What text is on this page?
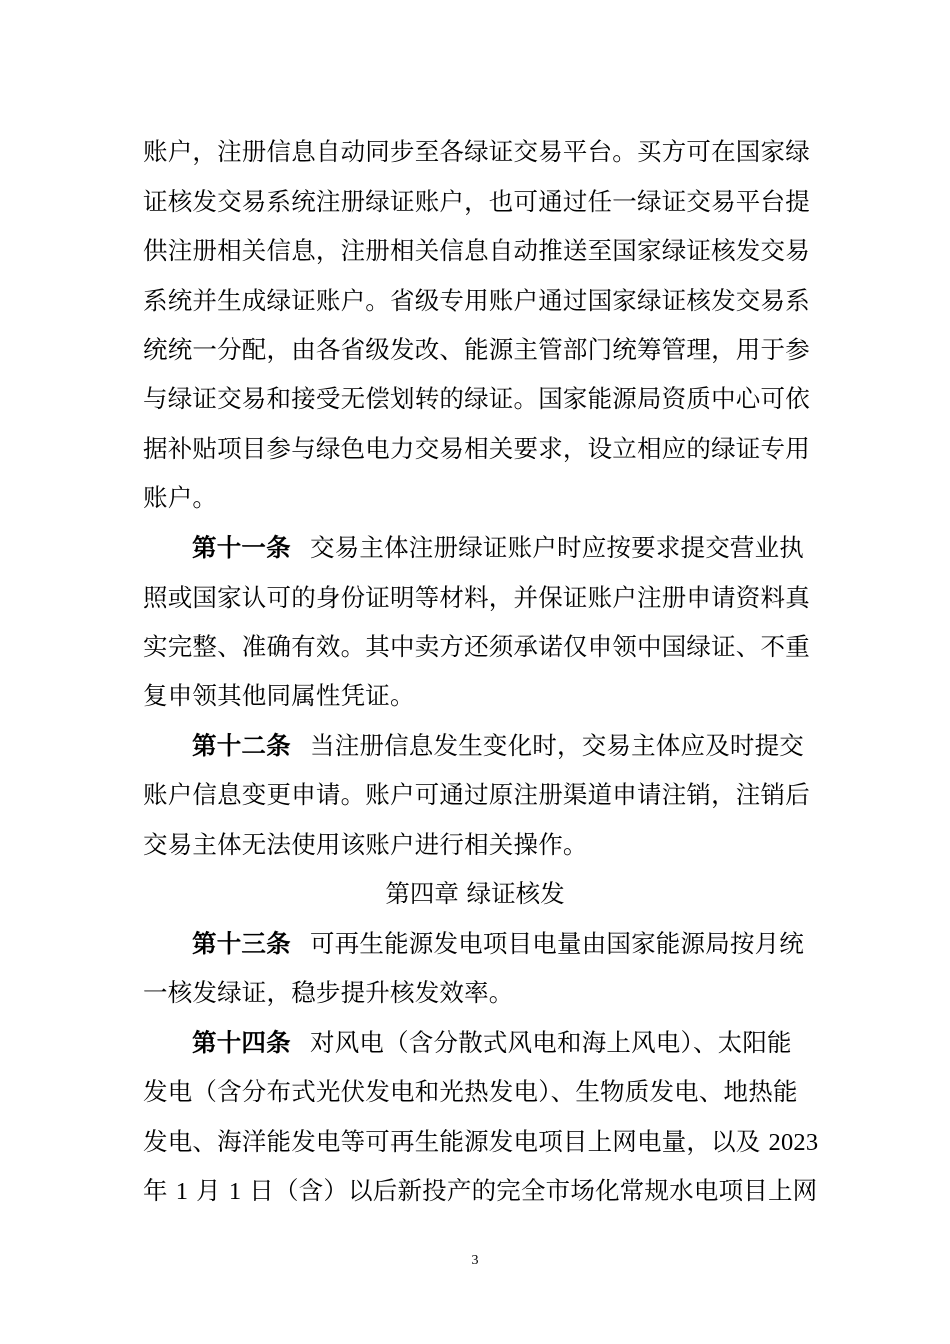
账户，注册信息自动同步至各绿证交易平台。买方可在国家绿
证核发交易系统注册绿证账户，也可通过任一绿证交易平台提
供注册相关信息，注册相关信息自动推送至国家绿证核发交易
系统并生成绿证账户。省级专用账户通过国家绿证核发交易系
统统一分配，由各省级发改、能源主管部门统筹管理，用于参
与绿证交易和接受无偿划转的绿证。国家能源局资质中心可依
据补贴项目参与绿色电力交易相关要求，设立相应的绿证专用
账户。
第十一条 交易主体注册绿证账户时应按要求提交营业执
照或国家认可的身份证明等材料，并保证账户注册申请资料真
实完整、准确有效。其中卖方还须承诺仅申领中国绿证、不重
复申领其他同属性凭证。
第十二条 当注册信息发生变化时，交易主体应及时提交
账户信息变更申请。账户可通过原注册渠道申请注销，注销后
交易主体无法使用该账户进行相关操作。
第四章 绿证核发
第十三条 可再生能源发电项目电量由国家能源局按月统
一核发绿证，稳步提升核发效率。
第十四条 对风电（含分散式风电和海上风电）、太阳能
发电（含分布式光伏发电和光热发电）、生物质发电、地热能
发电、海洋能发电等可再生能源发电项目上网电量，以及 2023
年 1 月 1 日（含）以后新投产的完全市场化常规水电项目上网
3
